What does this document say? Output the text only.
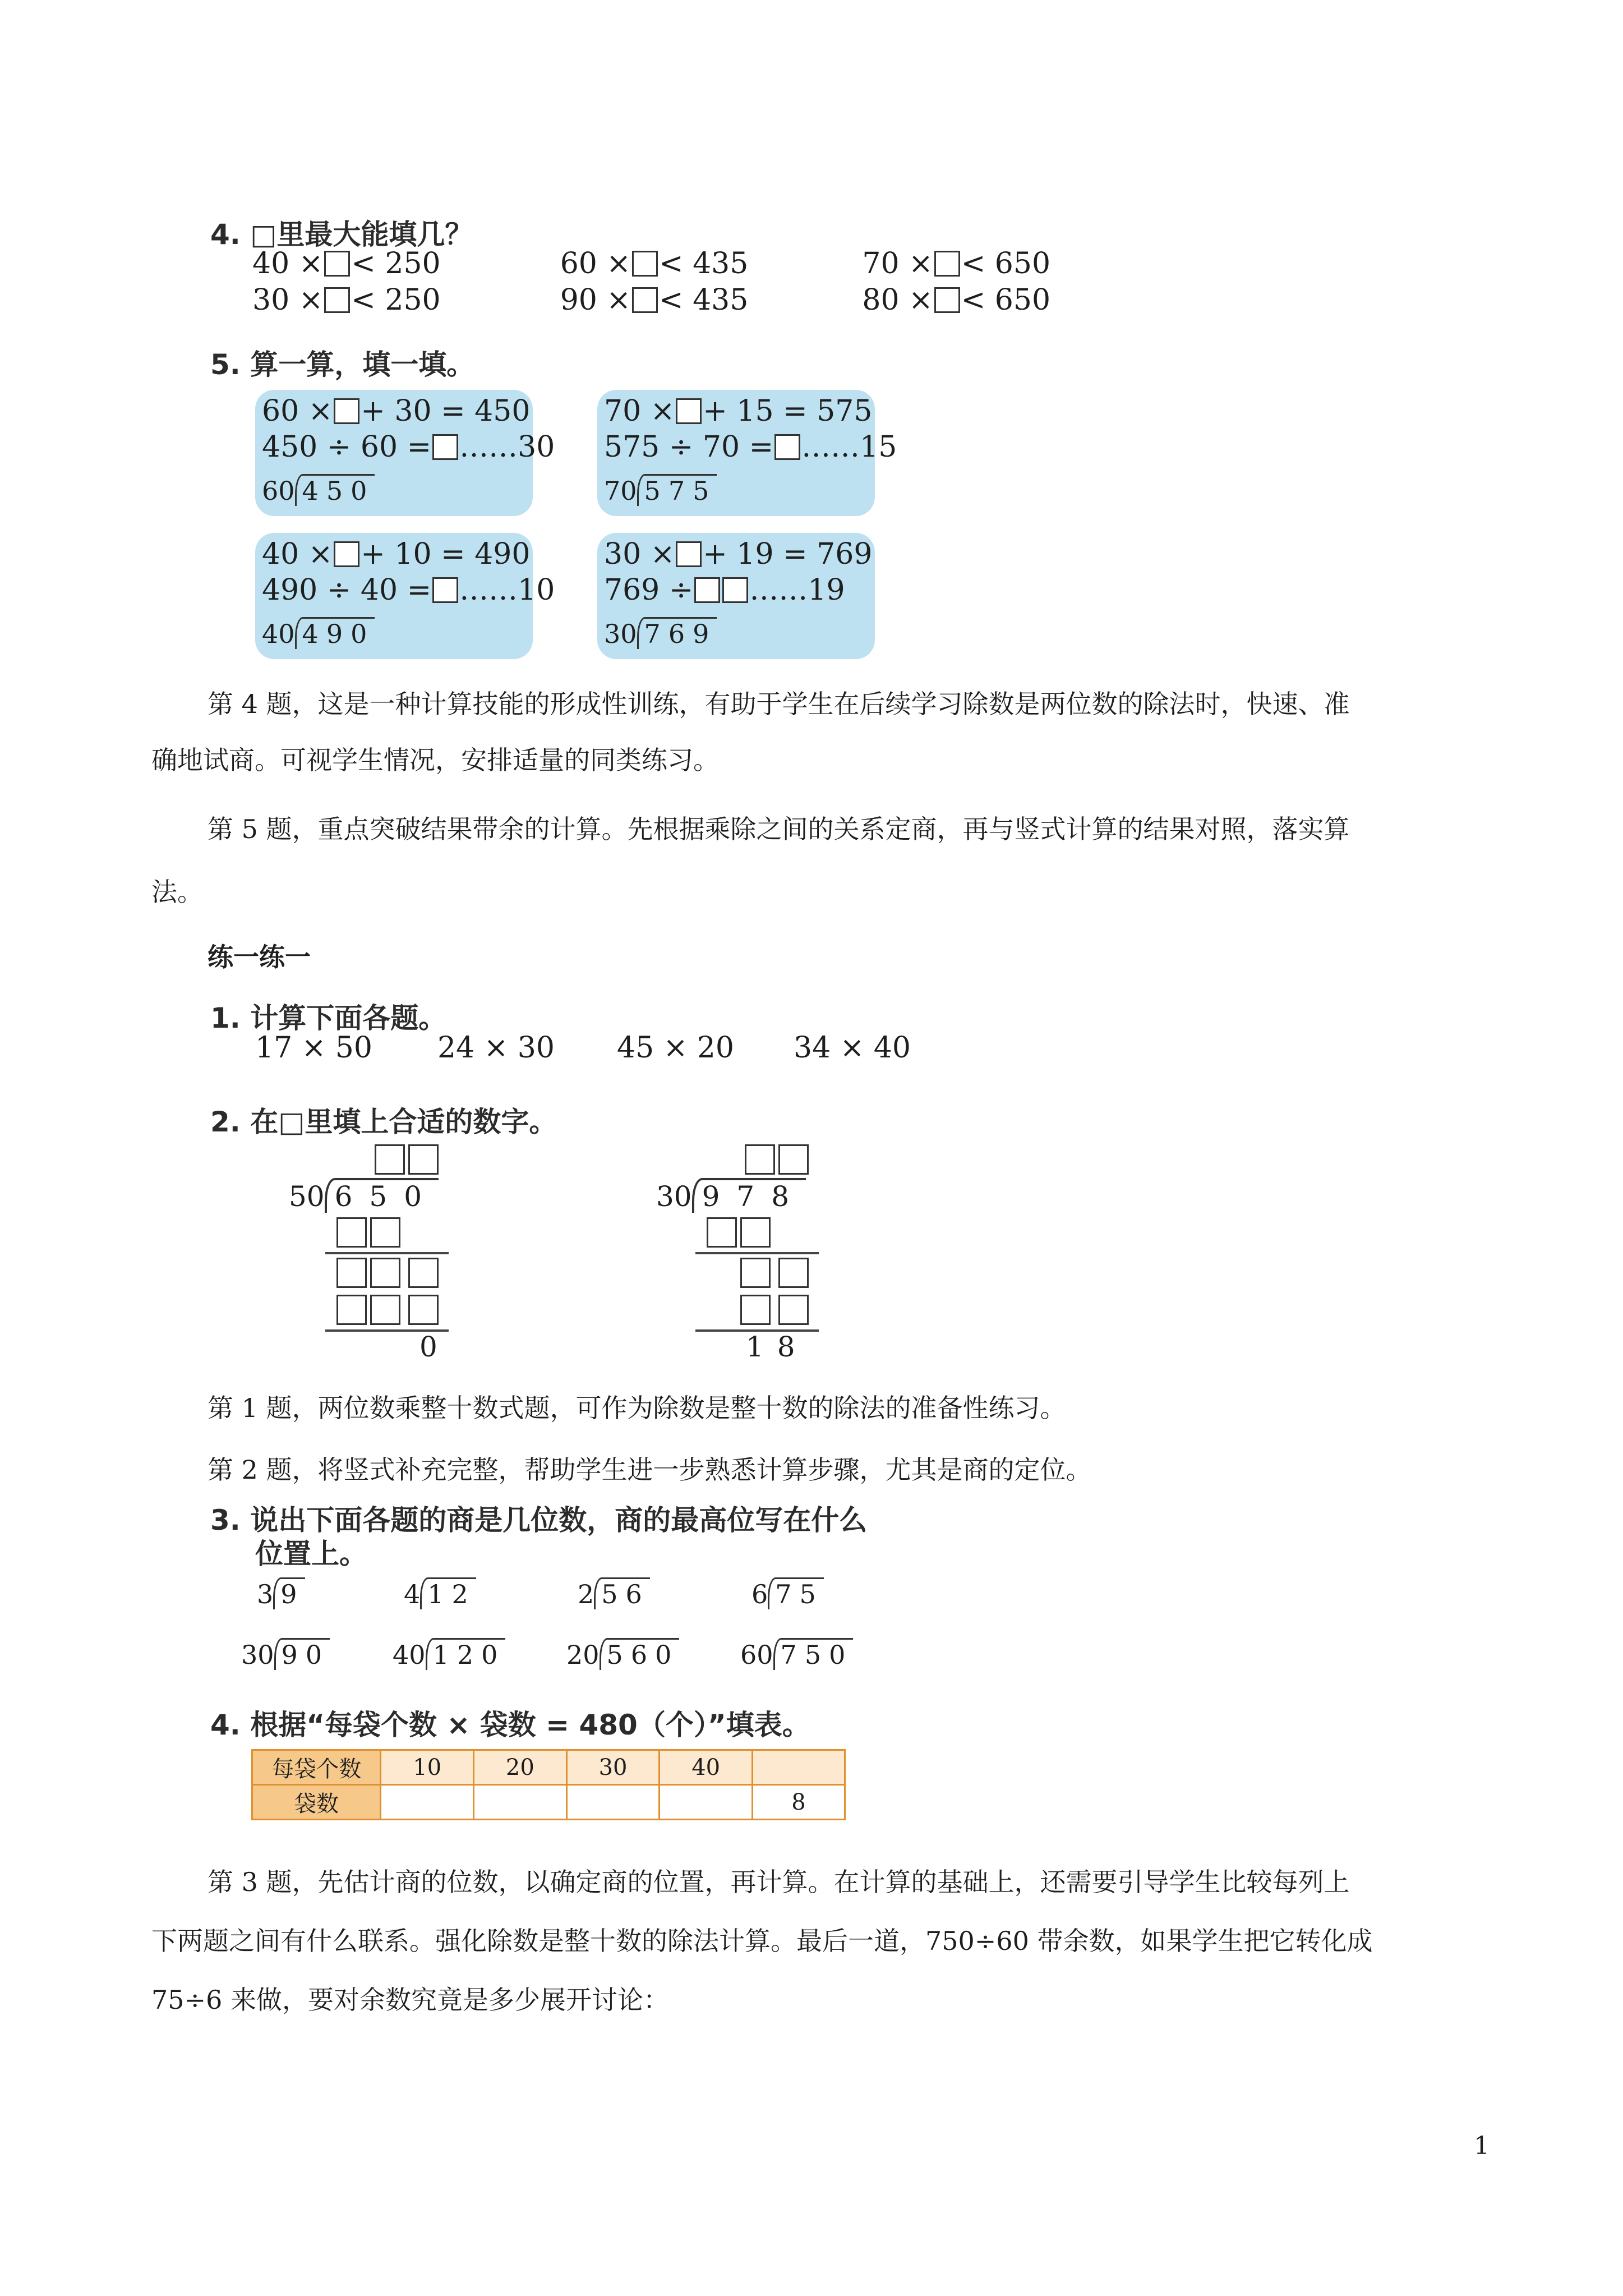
4. □里最大能填几？
40 × < 250	60 × < 435	70 × < 650
30 × < 250	90 × < 435	80 × < 650
5. 算一算，填一填。
60 × + 30 = 450
450 ÷ 60 = ……30
60 450
70 × + 15 = 575
575 ÷ 70 = ……15
70 575
40 × + 10 = 490
490 ÷ 40 = ……10
40 490
30 × + 19 = 769
769 ÷ ……19
30 769
第 4 题，这是一种计算技能的形成性训练，有助于学生在后续学习除数是两位数的除法时，快速、准
确地试商。可视学生情况，安排适量的同类练习。
第 5 题，重点突破结果带余的计算。先根据乘除之间的关系定商，再与竖式计算的结果对照，落实算
法。
练一练一
1. 计算下面各题。
17 × 50 24 × 30 45 × 20 34 × 40
2. 在□里填上合适的数字。
50 650
0
30 978
18
第 1 题，两位数乘整十数式题，可作为除数是整十数的除法的准备性练习。
第 2 题，将竖式补充完整，帮助学生进一步熟悉计算步骤，尤其是商的定位。
3. 说出下面各题的商是几位数，商的最高位写在什么
位置上。
3 9	4 12	2 56	6 75
30 90 40 120 20 560 60 750
4. 根据“每袋个数 × 袋数 = 480（个）”填表。
每袋个数	10	20	30	40	
袋数					8
第 3 题，先估计商的位数，以确定商的位置，再计算。在计算的基础上，还需要引导学生比较每列上
下两题之间有什么联系。强化除数是整十数的除法计算。最后一道，750÷60 带余数，如果学生把它转化成
75÷6 来做，要对余数究竟是多少展开讨论：
1
